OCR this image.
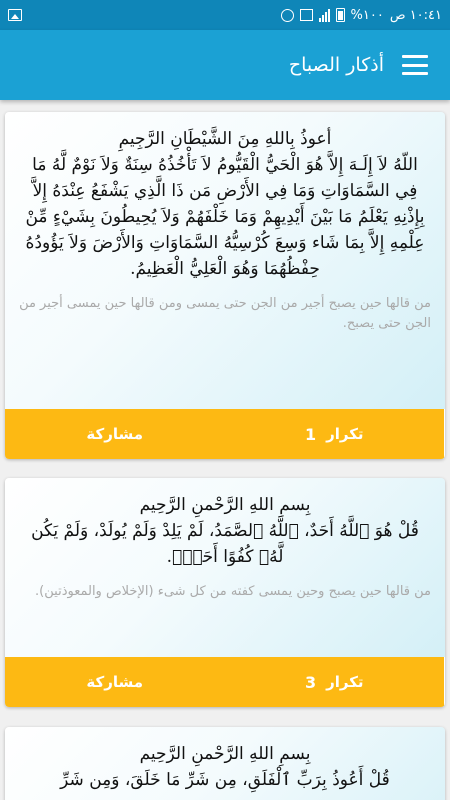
%١٠٠ ١٠:٤١ ص
أذكار الصباح
أعوذُ بِاللهِ مِنَ الشَّيْطَانِ الرَّجِيمِ
اللّهُ لاَ إِلَـهَ إِلاَّ هُوَ الْحَيُّ الْقَيُّومُ لاَ تَأْخُذُهُ سِنَةٌ وَلاَ نَوْمٌ لَّهُ مَا فِي السَّمَاوَاتِ وَمَا فِي الأَرْضِ مَن ذَا الَّذِي يَشْفَعُ عِنْدَهُ إِلاَّ بِإِذْنِهِ يَعْلَمُ مَا بَيْنَ أَيْدِيهِمْ وَمَا خَلْفَهُمْ وَلاَ يُحِيطُونَ بِشَيْءٍ مِّنْ عِلْمِهِ إِلاَّ بِمَا شَاء وَسِعَ كُرْسِيُّهُ السَّمَاوَاتِ وَالأَرْضَ وَلاَ يَؤُودُهُ حِفْظُهُمَا وَهُوَ الْعَلِيُّ الْعَظِيمُ.
من قالها حين يصبح أجير من الجن حتى يمسى ومن قالها حين يمسى أجير من الجن حتى يصبح.
مشاركة	تكرار
1
بِسمِ اللهِ الرَّحْمنِ الرَّحِيم
قُلْ هُوَ ٱللَّهُ أَحَدٌ، ٱللَّهُ ٱلصَّمَدُ، لَمْ يَلِدْ وَلَمْ يُولَدْ، وَلَمْ يَكُن لَّهُۥ كُفُوًا أَحَدٌۢ.
من قالها حين يصبح وحين يمسى كفته من كل شىء (الإخلاص والمعوذتين).
مشاركة	تكرار
3
بِسمِ اللهِ الرَّحْمنِ الرَّحِيم
قُلْ أَعُوذُ بِرَبِّ ٱلْفَلَقِ، مِن شَرِّ مَا خَلَقَ، وَمِن شَرِّ
